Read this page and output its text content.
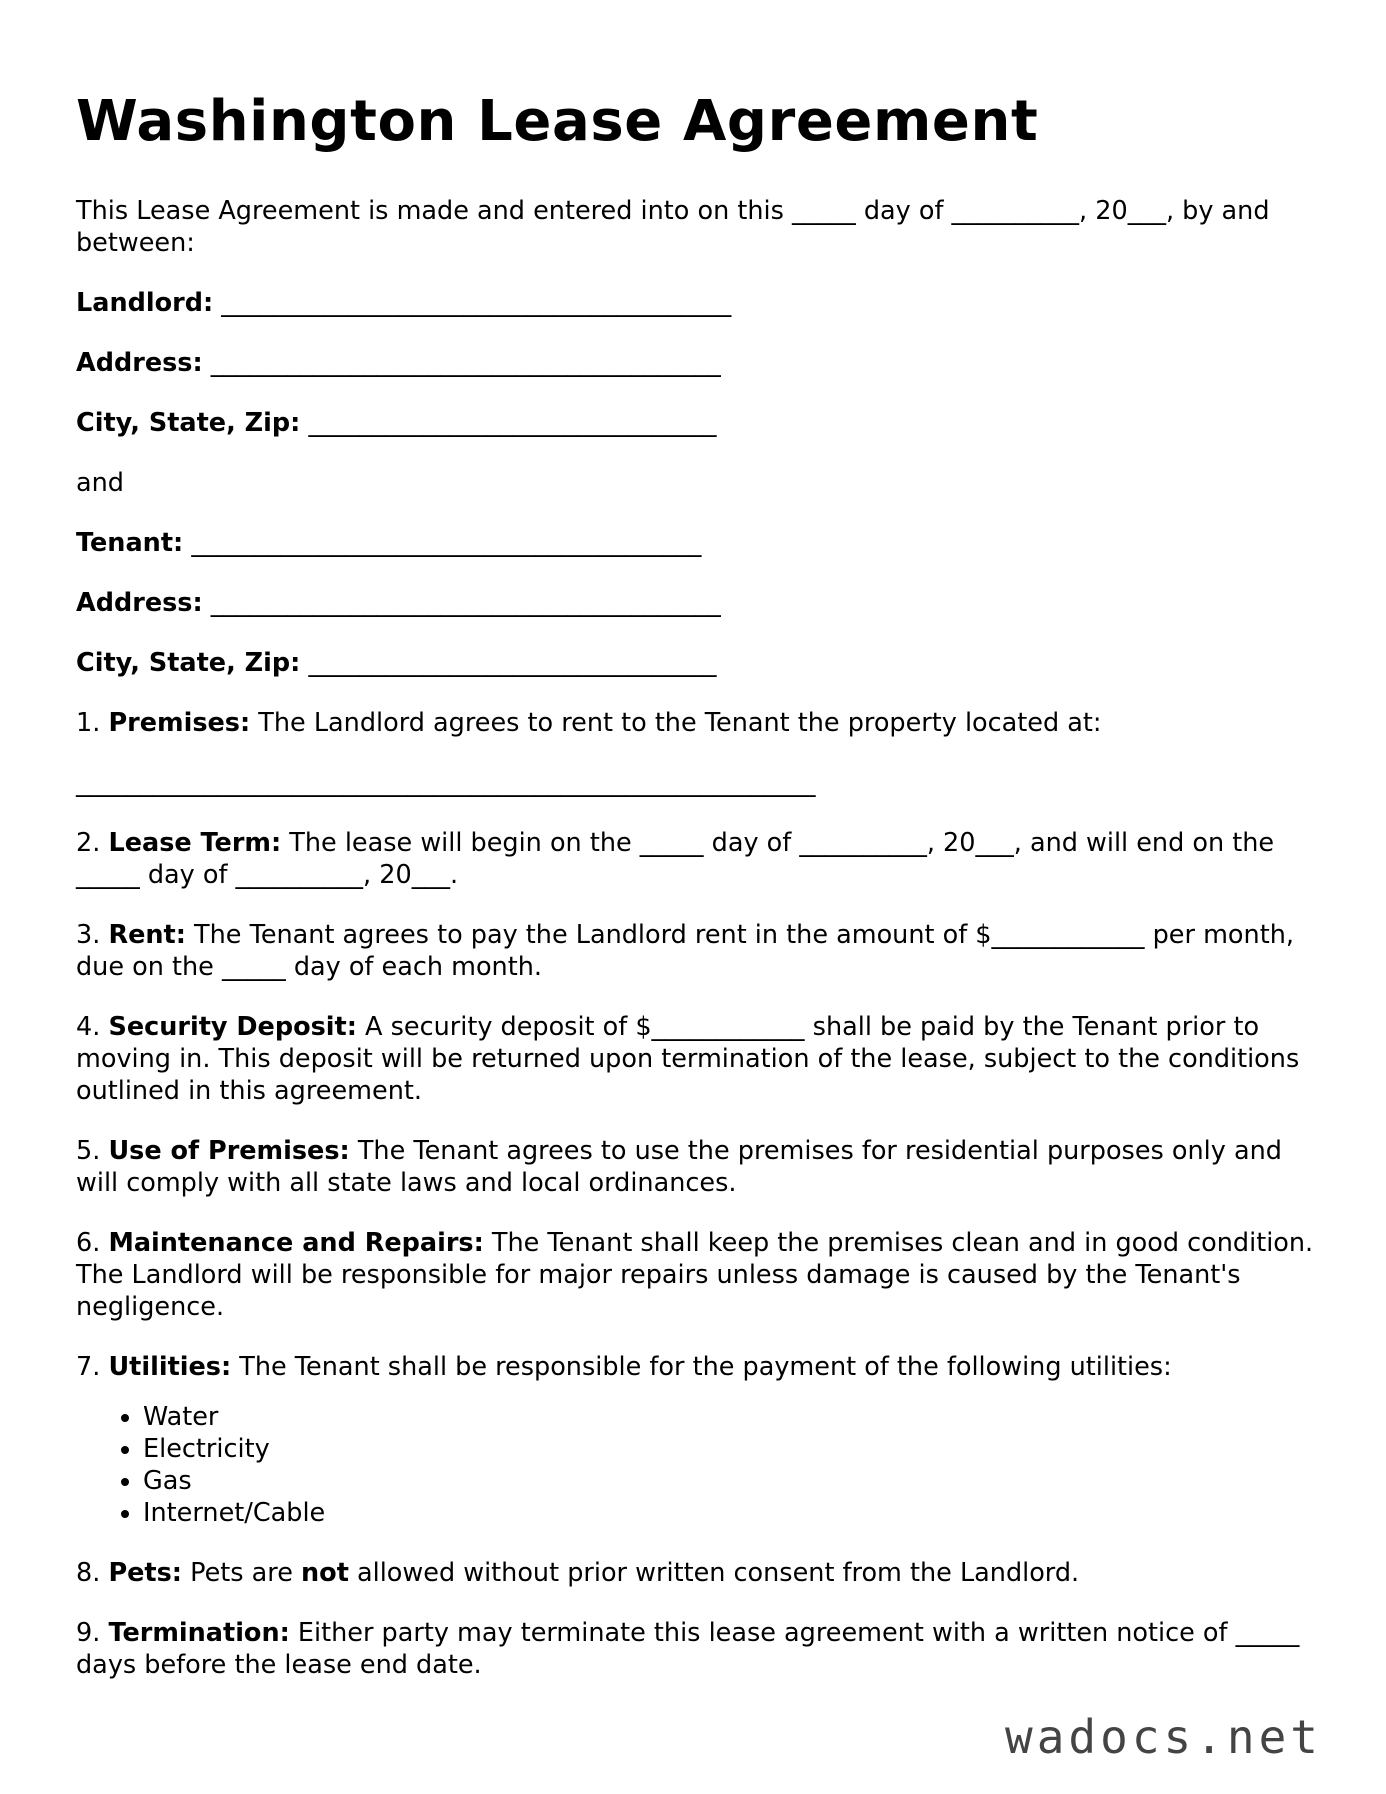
Washington Lease Agreement

This Lease Agreement is made and entered into on this _____ day of __________, 20___, by and between:

Landlord: ________________________________________

Address: ________________________________________

City, State, Zip: ________________________________

and

Tenant: ________________________________________

Address: ________________________________________

City, State, Zip: ________________________________

1. Premises: The Landlord agrees to rent to the Tenant the property located at:

__________________________________________________________

2. Lease Term: The lease will begin on the _____ day of __________, 20___, and will end on the _____ day of __________, 20___.

3. Rent: The Tenant agrees to pay the Landlord rent in the amount of $____________ per month, due on the _____ day of each month.

4. Security Deposit: A security deposit of $____________ shall be paid by the Tenant prior to moving in. This deposit will be returned upon termination of the lease, subject to the conditions outlined in this agreement.

5. Use of Premises: The Tenant agrees to use the premises for residential purposes only and will comply with all state laws and local ordinances.

6. Maintenance and Repairs: The Tenant shall keep the premises clean and in good condition. The Landlord will be responsible for major repairs unless damage is caused by the Tenant's negligence.

7. Utilities: The Tenant shall be responsible for the payment of the following utilities:

• Water
• Electricity
• Gas
• Internet/Cable

8. Pets: Pets are not allowed without prior written consent from the Landlord.

9. Termination: Either party may terminate this lease agreement with a written notice of _____ days before the lease end date.

wadocs.net
